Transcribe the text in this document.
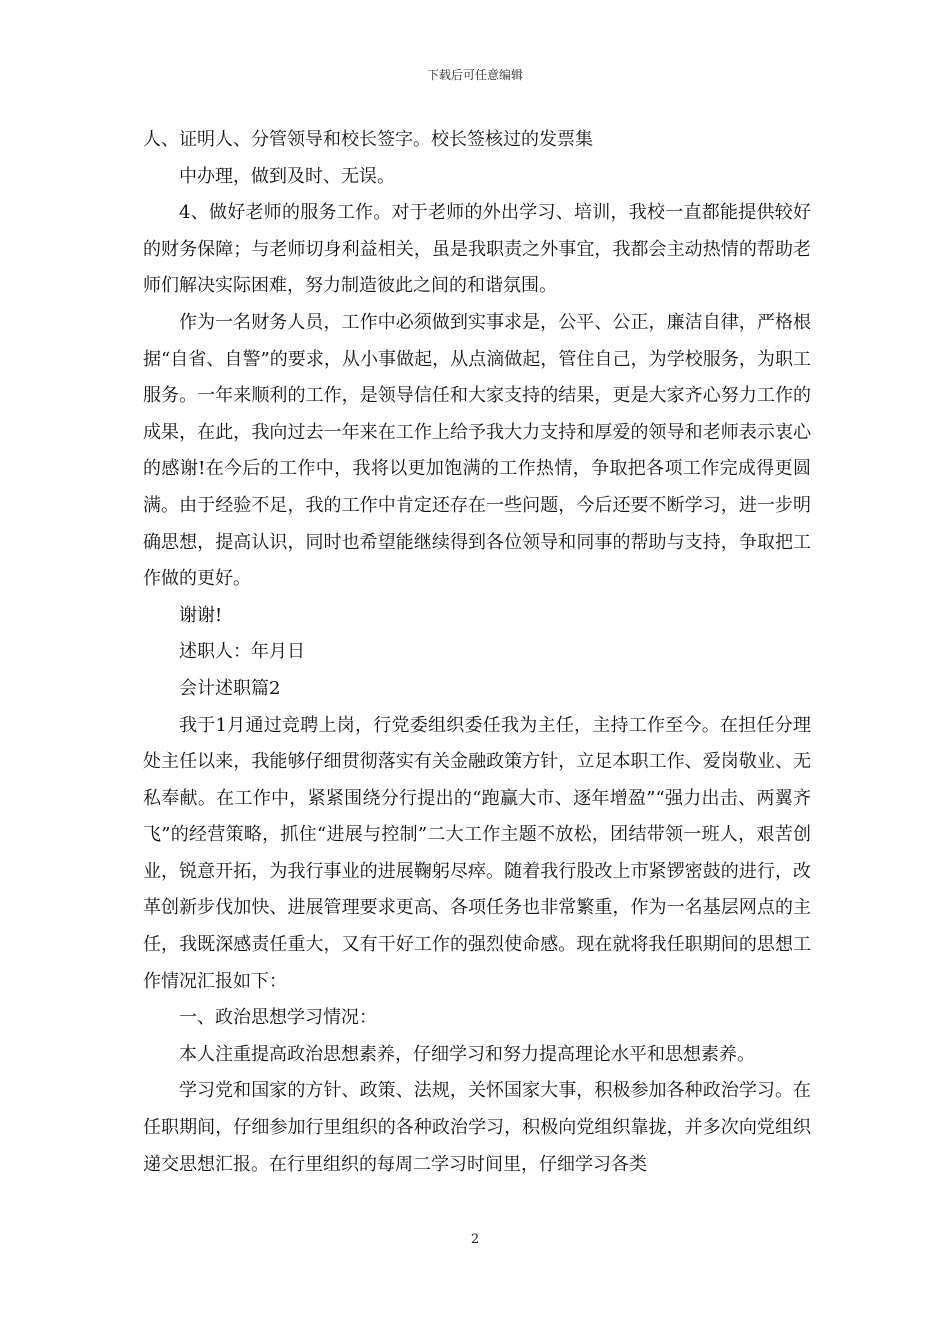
下载后可任意编辑

人、证明人、分管领导和校长签字。校长签核过的发票集

中办理，做到及时、无误。

4、做好老师的服务工作。对于老师的外出学习、培训，我校一直都能提供较好的财务保障；与老师切身利益相关，虽是我职责之外事宜，我都会主动热情的帮助老师们解决实际困难，努力制造彼此之间的和谐氛围。

作为一名财务人员，工作中必须做到实事求是，公平、公正，廉洁自律，严格根据“自省、自警”的要求，从小事做起，从点滴做起，管住自己，为学校服务，为职工服务。一年来顺利的工作，是领导信任和大家支持的结果，更是大家齐心努力工作的成果，在此，我向过去一年来在工作上给予我大力支持和厚爱的领导和老师表示衷心的感谢!在今后的工作中，我将以更加饱满的工作热情，争取把各项工作完成得更圆满。由于经验不足，我的工作中肯定还存在一些问题，今后还要不断学习，进一步明确思想，提高认识，同时也希望能继续得到各位领导和同事的帮助与支持，争取把工作做的更好。

谢谢!

述职人：年月日

会计述职篇2

我于1月通过竞聘上岗，行党委组织委任我为主任，主持工作至今。在担任分理处主任以来，我能够仔细贯彻落实有关金融政策方针，立足本职工作、爱岗敬业、无私奉献。在工作中，紧紧围绕分行提出的“跑赢大市、逐年增盈”“强力出击、两翼齐飞”的经营策略，抓住“进展与控制”二大工作主题不放松，团结带领一班人，艰苦创业，锐意开拓，为我行事业的进展鞠躬尽瘁。随着我行股改上市紧锣密鼓的进行，改革创新步伐加快、进展管理要求更高、各项任务也非常繁重，作为一名基层网点的主任，我既深感责任重大，又有干好工作的强烈使命感。现在就将我任职期间的思想工作情况汇报如下：

一、政治思想学习情况：

本人注重提高政治思想素养，仔细学习和努力提高理论水平和思想素养。

学习党和国家的方针、政策、法规，关怀国家大事，积极参加各种政治学习。在任职期间，仔细参加行里组织的各种政治学习，积极向党组织靠拢，并多次向党组织递交思想汇报。在行里组织的每周二学习时间里，仔细学习各类

2
